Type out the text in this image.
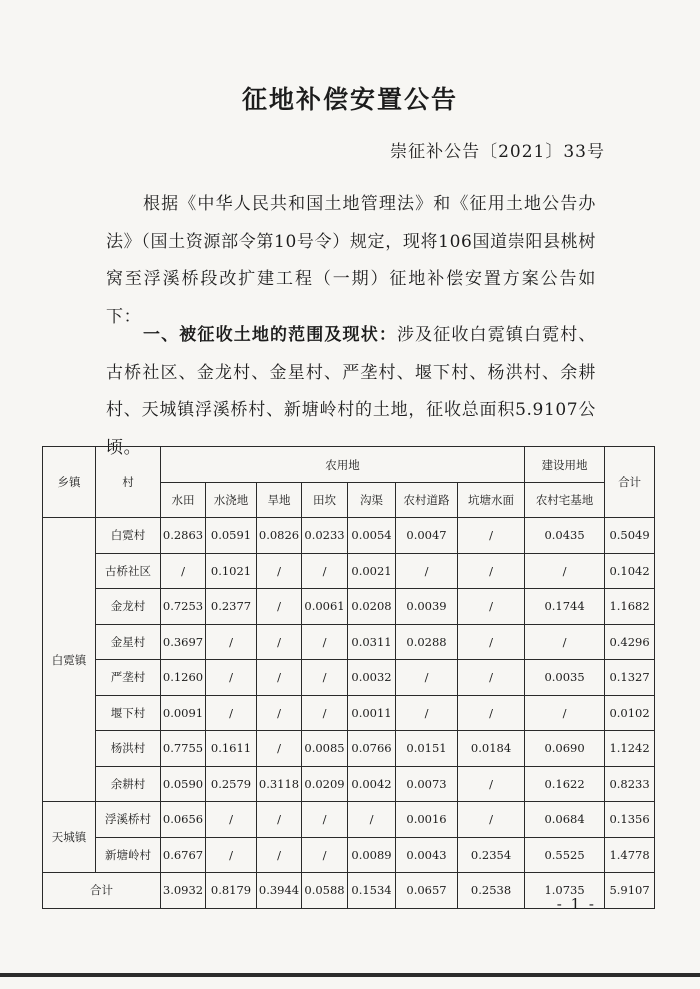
征地补偿安置公告
崇征补公告〔2021〕33号
根据《中华人民共和国土地管理法》和《征用土地公告办法》（国土资源部令第10号令）规定，现将106国道崇阳县桃树窝至浮溪桥段改扩建工程（一期）征地补偿安置方案公告如下：
一、被征收土地的范围及现状：涉及征收白霓镇白霓村、古桥社区、金龙村、金星村、严垄村、堰下村、杨洪村、余耕村、天城镇浮溪桥村、新塘岭村的土地，征收总面积5.9107公顷。
乡镇	村	农用地							建设用地	合计
		水田	水浇地	旱地	田坎	沟渠	农村道路	坑塘水面	农村宅基地	
白霓镇	白霓村	0.2863	0.0591	0.0826	0.0233	0.0054	0.0047	/	0.0435	0.5049
	古桥社区	/	0.1021	/	/	0.0021	/	/	/	0.1042
	金龙村	0.7253	0.2377	/	0.0061	0.0208	0.0039	/	0.1744	1.1682
	金星村	0.3697	/	/	/	0.0311	0.0288	/	/	0.4296
	严垄村	0.1260	/	/	/	0.0032	/	/	0.0035	0.1327
	堰下村	0.0091	/	/	/	0.0011	/	/	/	0.0102
	杨洪村	0.7755	0.1611	/	0.0085	0.0766	0.0151	0.0184	0.0690	1.1242
	余耕村	0.0590	0.2579	0.3118	0.0209	0.0042	0.0073	/	0.1622	0.8233
天城镇	浮溪桥村	0.0656	/	/	/	/	0.0016	/	0.0684	0.1356
	新塘岭村	0.6767	/	/	/	0.0089	0.0043	0.2354	0.5525	1.4778
合计		3.0932	0.8179	0.3944	0.0588	0.1534	0.0657	0.2538	1.0735	5.9107
- 1 -
